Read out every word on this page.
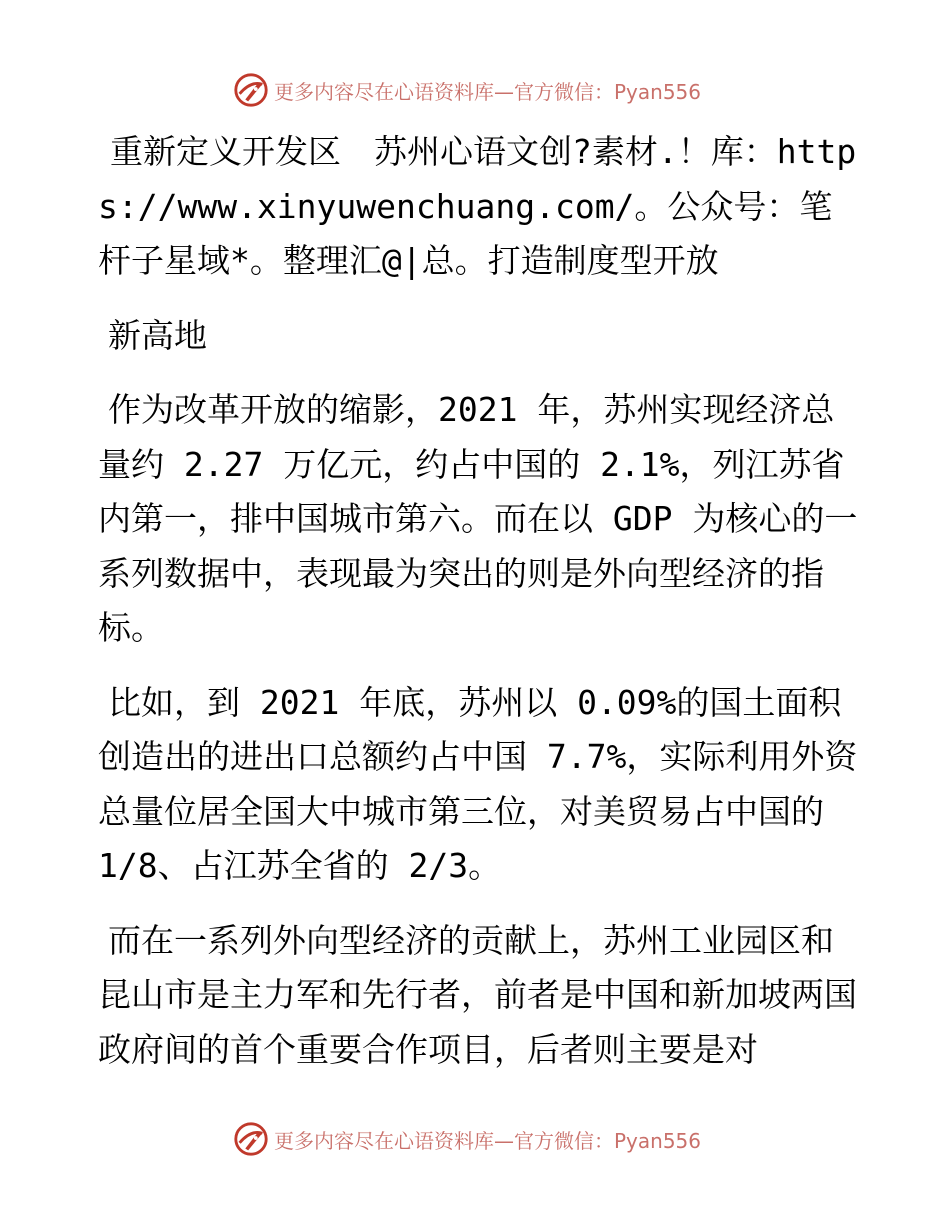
更多内容尽在心语资料库—官方微信：Pyan556

重新定义开发区　苏州心语文创?素材.！库：https://www.xinyuwenchuang.com/。公众号：笔杆子星域*。整理汇@|总。打造制度型开放

新高地

作为改革开放的缩影，2021 年，苏州实现经济总量约 2.27 万亿元，约占中国的 2.1%，列江苏省内第一，排中国城市第六。而在以 GDP 为核心的一系列数据中，表现最为突出的则是外向型经济的指标。

比如，到 2021 年底，苏州以 0.09%的国土面积创造出的进出口总额约占中国 7.7%，实际利用外资总量位居全国大中城市第三位，对美贸易占中国的 1/8、占江苏全省的 2/3。

而在一系列外向型经济的贡献上，苏州工业园区和昆山市是主力军和先行者，前者是中国和新加坡两国政府间的首个重要合作项目，后者则主要是对

更多内容尽在心语资料库—官方微信：Pyan556
